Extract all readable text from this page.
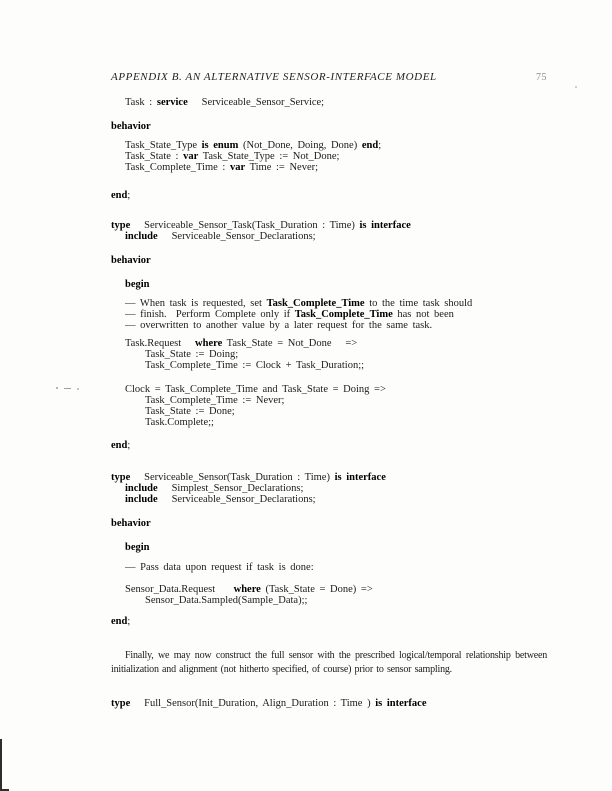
APPENDIX B. AN ALTERNATIVE SENSOR-INTERFACE MODEL	75
Task : service   Serviceable_Sensor_Service;
behavior
Task_State_Type is enum (Not_Done, Doing, Done) end;
Task_State : var Task_State_Type := Not_Done;
Task_Complete_Time : var Time := Never;
end;
type   Serviceable_Sensor_Task(Task_Duration : Time) is interface
include   Serviceable_Sensor_Declarations;
behavior
begin
–– When task is requested, set Task_Complete_Time to the time task should
–– finish.  Perform Complete only if Task_Complete_Time has not been
–– overwritten to another value by a later request for the same task.
Task.Request   where Task_State = Not_Done   =>
Task_State := Doing;
Task_Complete_Time := Clock + Task_Duration;;
Clock = Task_Complete_Time and Task_State = Doing =>
Task_Complete_Time := Never;
Task_State := Done;
Task.Complete;;
end;
type   Serviceable_Sensor(Task_Duration : Time) is interface
include   Simplest_Sensor_Declarations;
include   Serviceable_Sensor_Declarations;
behavior
begin
–– Pass data upon request if task is done:
Sensor_Data.Request    where (Task_State = Done) =>
Sensor_Data.Sampled(Sample_Data);;
end;

Finally, we may now construct the full sensor with the prescribed logical/temporal relationship between initialization and alignment (not hitherto specified, of course) prior to sensor sampling.

type   Full_Sensor(Init_Duration, Align_Duration : Time ) is interface
